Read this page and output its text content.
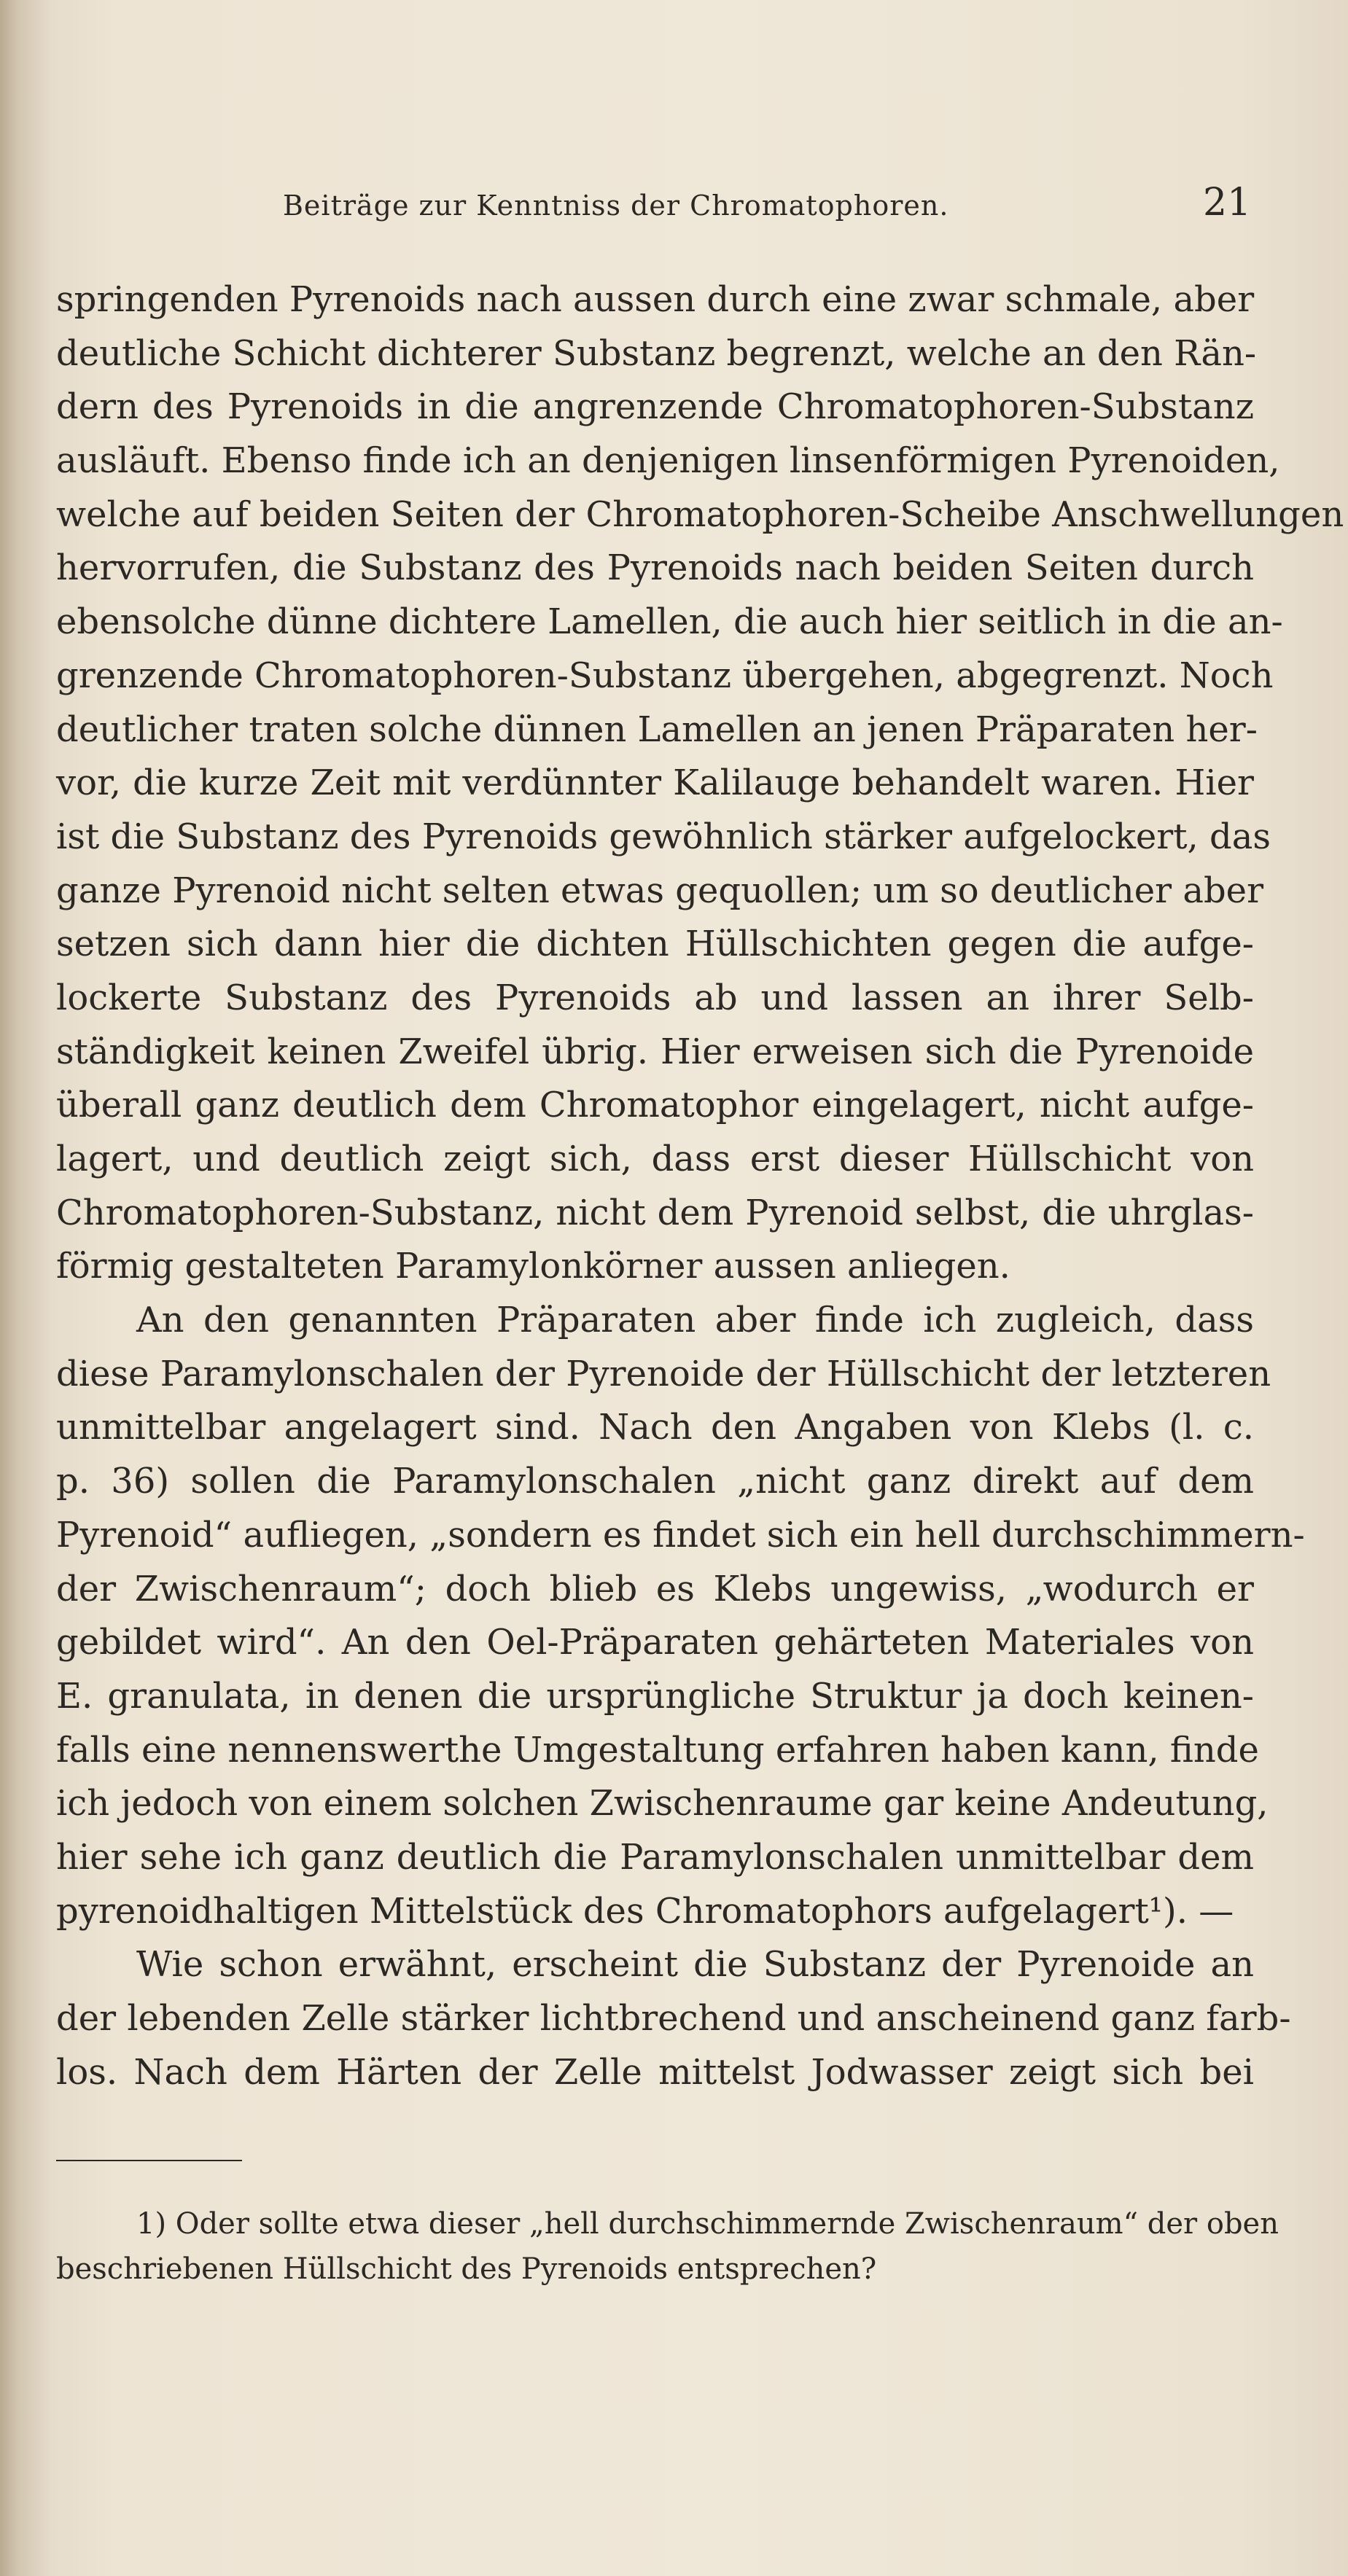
Beiträge zur Kenntniss der Chromatophoren.	21
springenden Pyrenoids nach aussen durch eine zwar schmale, aber
deutliche Schicht dichterer Substanz begrenzt, welche an den Rän-
dern des Pyrenoids in die angrenzende Chromatophoren-Substanz
ausläuft. Ebenso finde ich an denjenigen linsenförmigen Pyrenoiden,
welche auf beiden Seiten der Chromatophoren-Scheibe Anschwellungen
hervorrufen, die Substanz des Pyrenoids nach beiden Seiten durch
ebensolche dünne dichtere Lamellen, die auch hier seitlich in die an-
grenzende Chromatophoren-Substanz übergehen, abgegrenzt. Noch
deutlicher traten solche dünnen Lamellen an jenen Präparaten her-
vor, die kurze Zeit mit verdünnter Kalilauge behandelt waren. Hier
ist die Substanz des Pyrenoids gewöhnlich stärker aufgelockert, das
ganze Pyrenoid nicht selten etwas gequollen; um so deutlicher aber
setzen sich dann hier die dichten Hüllschichten gegen die aufge-
lockerte Substanz des Pyrenoids ab und lassen an ihrer Selb-
ständigkeit keinen Zweifel übrig. Hier erweisen sich die Pyrenoide
überall ganz deutlich dem Chromatophor eingelagert, nicht aufge-
lagert, und deutlich zeigt sich, dass erst dieser Hüllschicht von
Chromatophoren-Substanz, nicht dem Pyrenoid selbst, die uhrglas-
förmig gestalteten Paramylonkörner aussen anliegen.
An den genannten Präparaten aber finde ich zugleich, dass
diese Paramylonschalen der Pyrenoide der Hüllschicht der letzteren
unmittelbar angelagert sind. Nach den Angaben von Klebs (l. c.
p. 36) sollen die Paramylonschalen „nicht ganz direkt auf dem
Pyrenoid“ aufliegen, „sondern es findet sich ein hell durchschimmern-
der Zwischenraum“; doch blieb es Klebs ungewiss, „wodurch er
gebildet wird“. An den Oel-Präparaten gehärteten Materiales von
E. granulata, in denen die ursprüngliche Struktur ja doch keinen-
falls eine nennenswerthe Umgestaltung erfahren haben kann, finde
ich jedoch von einem solchen Zwischenraume gar keine Andeutung,
hier sehe ich ganz deutlich die Paramylonschalen unmittelbar dem
pyrenoidhaltigen Mittelstück des Chromatophors aufgelagert¹). —
Wie schon erwähnt, erscheint die Substanz der Pyrenoide an
der lebenden Zelle stärker lichtbrechend und anscheinend ganz farb-
los. Nach dem Härten der Zelle mittelst Jodwasser zeigt sich bei
1) Oder sollte etwa dieser „hell durchschimmernde Zwischenraum“ der oben
beschriebenen Hüllschicht des Pyrenoids entsprechen?
